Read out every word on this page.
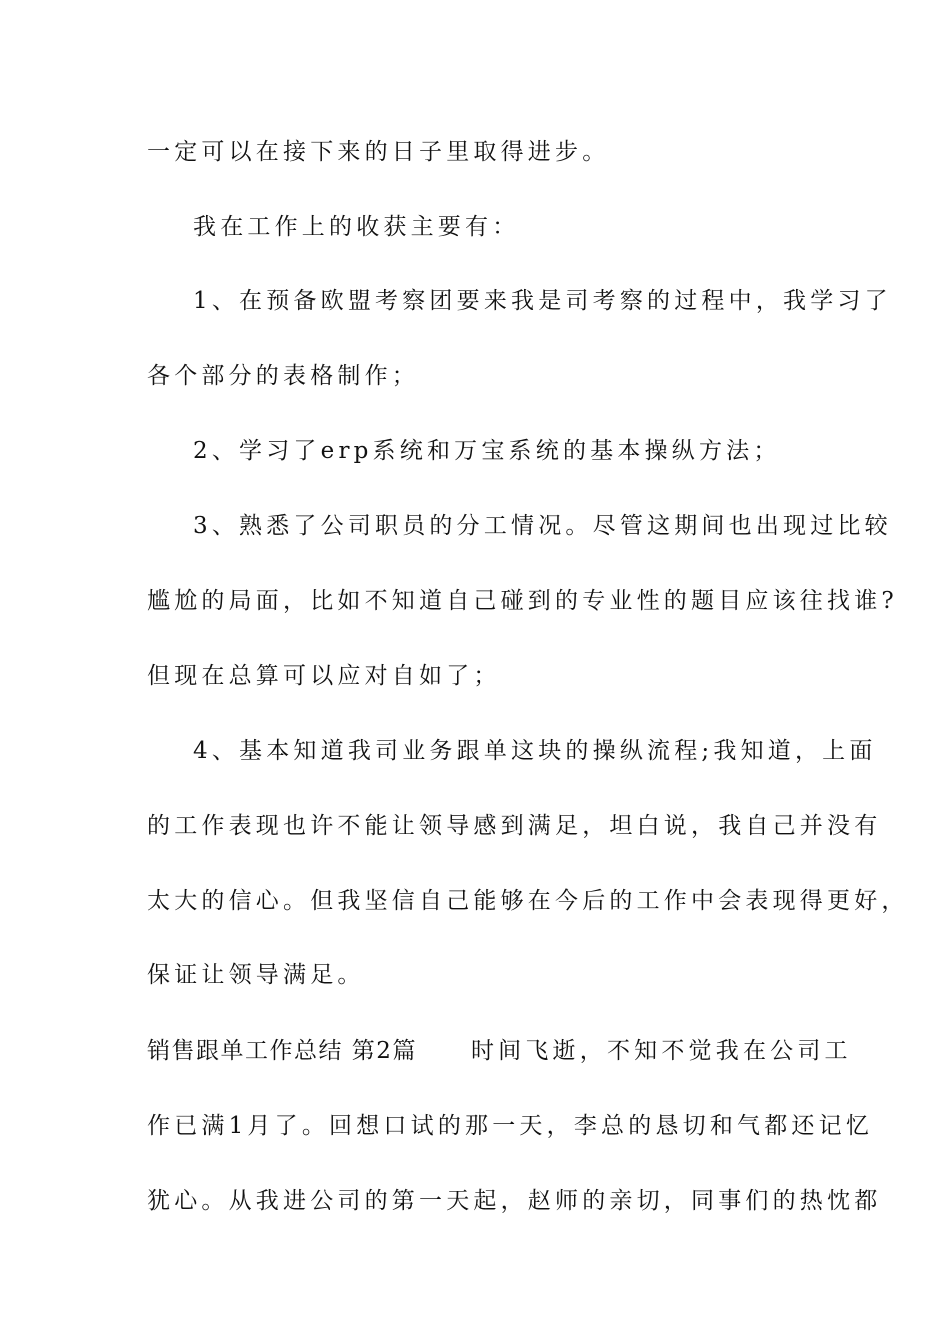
一定可以在接下来的日子里取得进步。
我在工作上的收获主要有：
1、在预备欧盟考察团要来我是司考察的过程中，我学习了
各个部分的表格制作；
2、学习了erp系统和万宝系统的基本操纵方法；
3、熟悉了公司职员的分工情况。尽管这期间也出现过比较
尴尬的局面，比如不知道自己碰到的专业性的题目应该往找谁?
但现在总算可以应对自如了；
4、基本知道我司业务跟单这块的操纵流程;我知道，上面
的工作表现也许不能让领导感到满足，坦白说，我自己并没有
太大的信心。但我坚信自己能够在今后的工作中会表现得更好，
保证让领导满足。
销售跟单工作总结 第2篇 时间飞逝，不知不觉我在公司工
作已满1月了。回想口试的那一天，李总的恳切和气都还记忆
犹心。从我进公司的第一天起，赵师的亲切，同事们的热忱都
